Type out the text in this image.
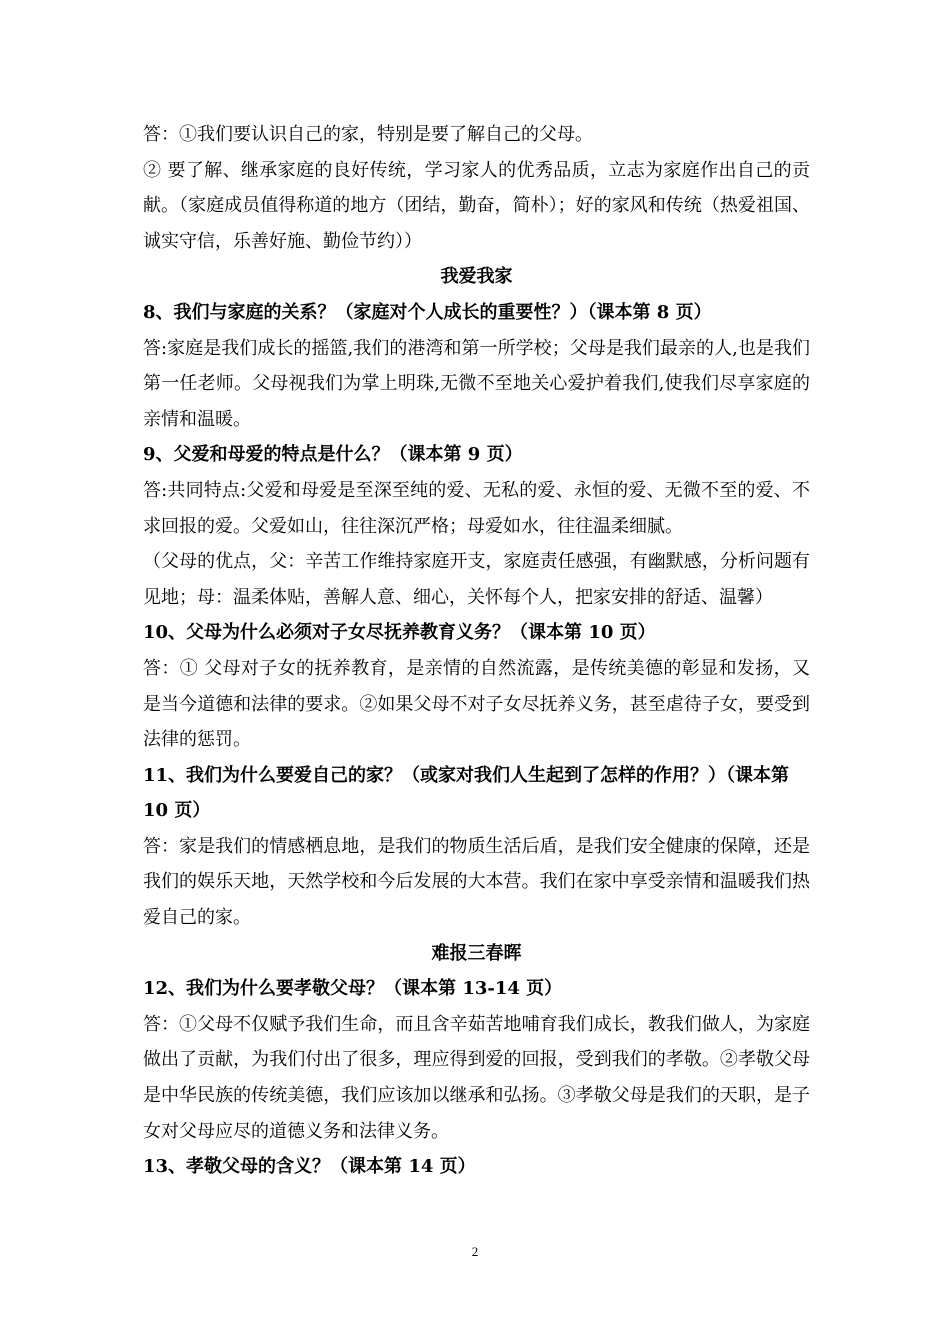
答：①我们要认识自己的家，特别是要了解自己的父母。

② 要了解、继承家庭的良好传统，学习家人的优秀品质，立志为家庭作出自己的贡献。（家庭成员值得称道的地方（团结，勤奋，简朴）；好的家风和传统（热爱祖国、诚实守信，乐善好施、勤俭节约））

我爱我家

8、我们与家庭的关系？（家庭对个人成长的重要性？）（课本第 8 页）

答:家庭是我们成长的摇篮,我们的港湾和第一所学校；父母是我们最亲的人,也是我们第一任老师。父母视我们为掌上明珠,无微不至地关心爱护着我们,使我们尽享家庭的亲情和温暖。

9、父爱和母爱的特点是什么？（课本第 9 页）

答:共同特点:父爱和母爱是至深至纯的爱、无私的爱、永恒的爱、无微不至的爱、不求回报的爱。父爱如山，往往深沉严格；母爱如水，往往温柔细腻。

（父母的优点，父：辛苦工作维持家庭开支，家庭责任感强，有幽默感，分析问题有见地；母：温柔体贴，善解人意、细心，关怀每个人，把家安排的舒适、温馨）

10、父母为什么必须对子女尽抚养教育义务？（课本第 10 页）

答：① 父母对子女的抚养教育，是亲情的自然流露，是传统美德的彰显和发扬，又是当今道德和法律的要求。②如果父母不对子女尽抚养义务，甚至虐待子女，要受到法律的惩罚。

11、我们为什么要爱自己的家？（或家对我们人生起到了怎样的作用？）（课本第 10 页）

答：家是我们的情感栖息地，是我们的物质生活后盾，是我们安全健康的保障，还是我们的娱乐天地，天然学校和今后发展的大本营。我们在家中享受亲情和温暖我们热爱自己的家。

难报三春晖

12、我们为什么要孝敬父母？（课本第 13-14 页）

答：①父母不仅赋予我们生命，而且含辛茹苦地哺育我们成长，教我们做人，为家庭做出了贡献，为我们付出了很多，理应得到爱的回报，受到我们的孝敬。②孝敬父母是中华民族的传统美德，我们应该加以继承和弘扬。③孝敬父母是我们的天职，是子女对父母应尽的道德义务和法律义务。

13、孝敬父母的含义？（课本第 14 页）

2
